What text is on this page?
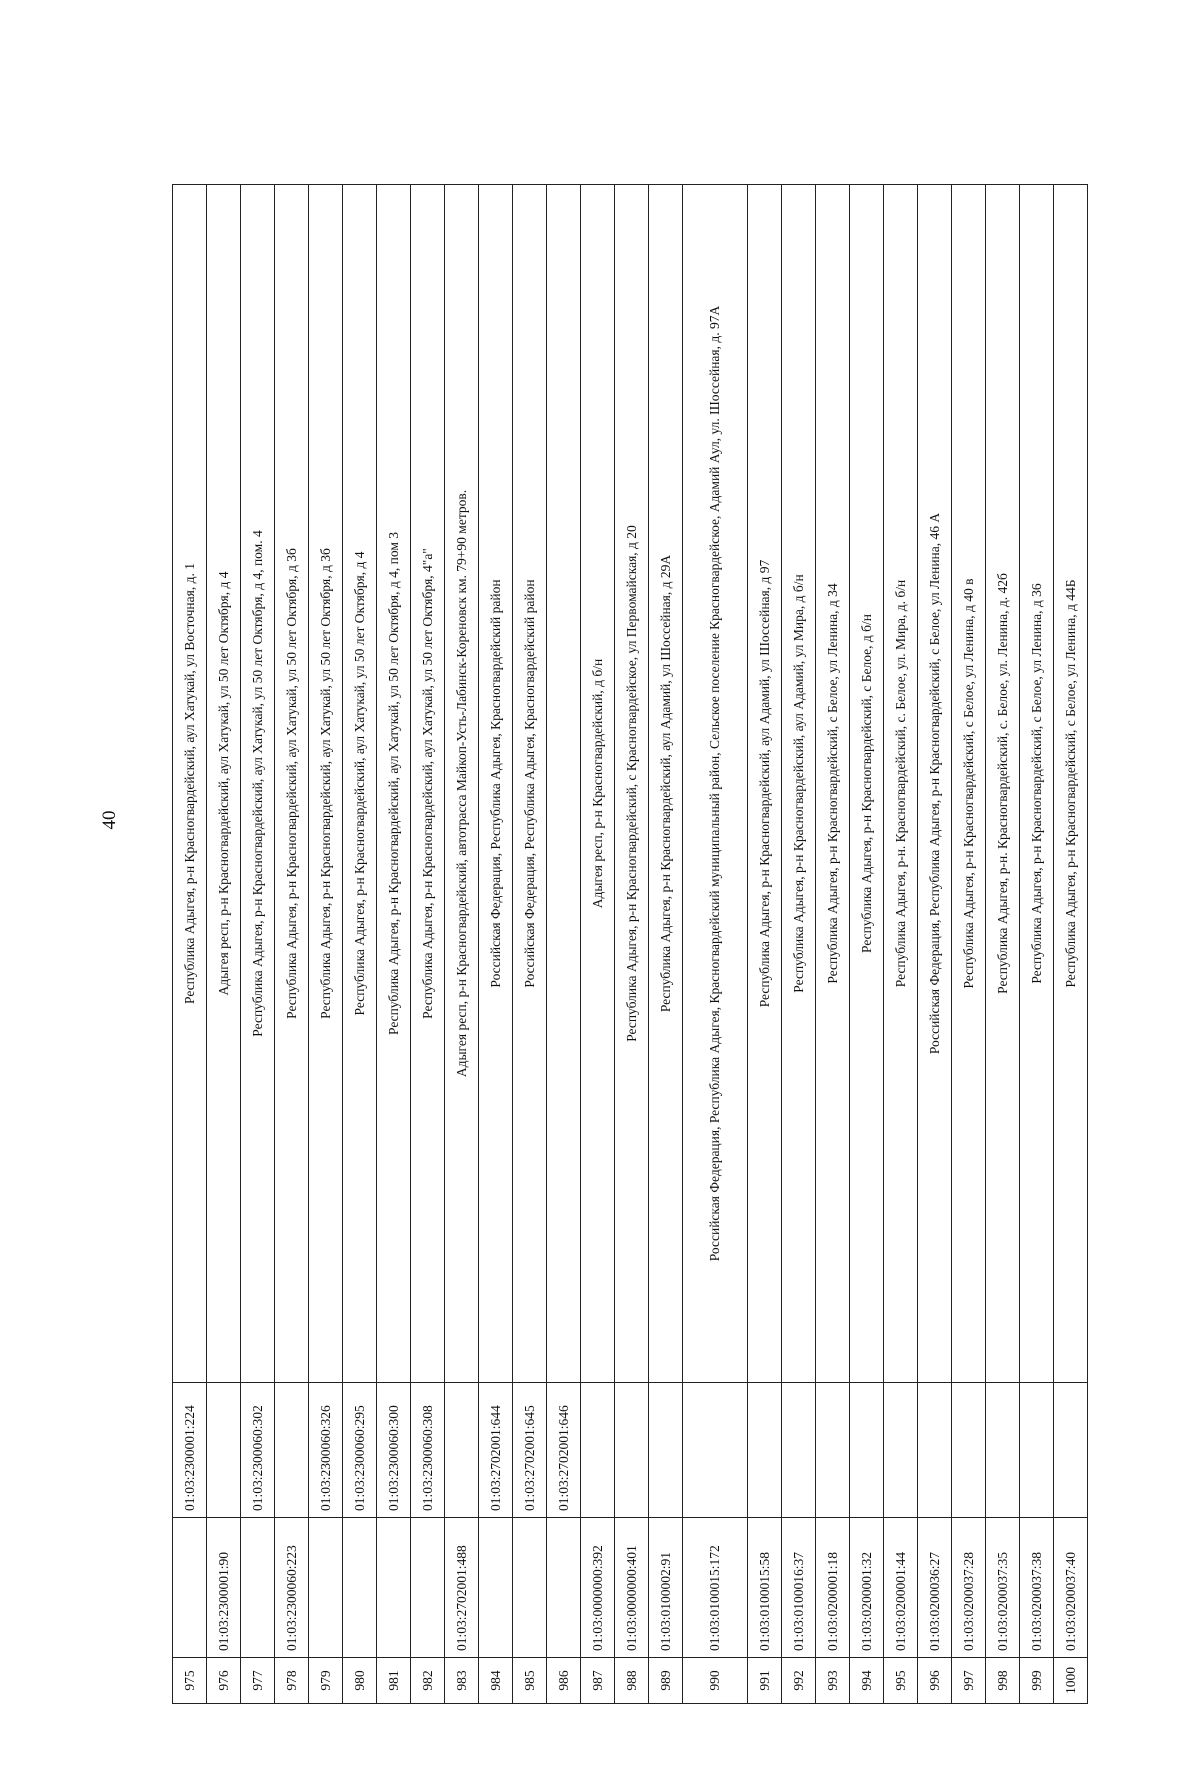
40
975		01:03:2300001:224	Республика Адыгея, р-н Красногвардейский, аул Хатукай, ул Восточная, д. 1
976	01:03:2300001:90		Адыгея респ, р-н Красногвардейский, аул Хатукай, ул 50 лет Октября, д 4
977		01:03:2300060:302	Республика Адыгея, р-н Красногвардейский, аул Хатукай, ул 50 лет Октября, д 4, пом. 4
978	01:03:2300060:223		Республика Адыгея, р-н Красногвардейский, аул Хатукай, ул 50 лет Октября, д 3б
979		01:03:2300060:326	Республика Адыгея, р-н Красногвардейский, аул Хатукай, ул 50 лет Октября, д 3б
980		01:03:2300060:295	Республика Адыгея, р-н Красногвардейский, аул Хатукай, ул 50 лет Октября, д 4
981		01:03:2300060:300	Республика Адыгея, р-н Красногвардейский, аул Хатукай, ул 50 лет Октября, д 4, пом 3
982		01:03:2300060:308	Республика Адыгея, р-н Красногвардейский, аул Хатукай, ул 50 лет Октября, 4"а"
983	01:03:2702001:488		Адыгея респ, р-н Красногвардейский, автотрасса Майкоп-Усть-Лабинск-Кореновск км. 79+90 метров.
984		01:03:2702001:644	Российская Федерация, Республика Адыгея, Красногвардейский район
985		01:03:2702001:645	Российская Федерация, Республика Адыгея, Красногвардейский район
986		01:03:2702001:646	
987	01:03:0000000:392		Адыгея респ, р-н Красногвардейский, д б/н
988	01:03:0000000:401		Республика Адыгея, р-н Красногвардейский, с Красногвардейское, ул Первомайская, д 20
989	01:03:0100002:91		Республика Адыгея, р-н Красногвардейский, аул Адамий, ул Шоссейная, д 29А
990	01:03:0100015:172		Российская Федерация, Республика Адыгея, Красногвардейский муниципальный район, Сельское поселение Красногвардейское, Адамий Аул, ул. Шоссейная, д. 97А
991	01:03:0100015:58		Республика Адыгея, р-н Красногвардейский, аул Адамий, ул Шоссейная, д 97
992	01:03:0100016:37		Республика Адыгея, р-н Красногвардейский, аул Адамий, ул Мира, д б/н
993	01:03:0200001:18		Республика Адыгея, р-н Красногвардейский, с Белое, ул Ленина, д 34
994	01:03:0200001:32		Республика Адыгея, р-н Красногвардейский, с Белое, д б/н
995	01:03:0200001:44		Республика Адыгея, р-н. Красногвардейский, с. Белое, ул. Мира, д. б/н
996	01:03:0200036:27		Российская Федерация, Республика Адыгея, р-н Красногвардейский, с Белое, ул Ленина, 46 А
997	01:03:0200037:28		Республика Адыгея, р-н Красногвардейский, с Белое, ул Ленина, д 40 в
998	01:03:0200037:35		Республика Адыгея, р-н. Красногвардейский, с. Белое, ул. Ленина, д. 42б
999	01:03:0200037:38		Республика Адыгея, р-н Красногвардейский, с Белое, ул Ленина, д 36
1000	01:03:0200037:40		Республика Адыгея, р-н Красногвардейский, с Белое, ул Ленина, д 44Б
